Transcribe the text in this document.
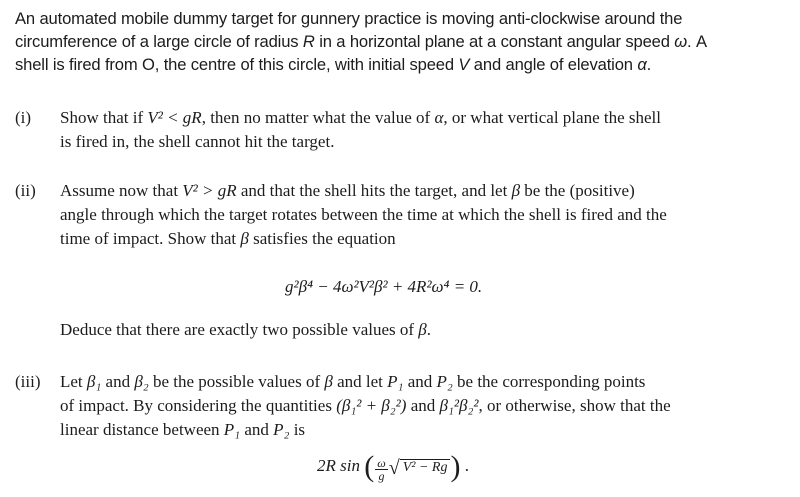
An automated mobile dummy target for gunnery practice is moving anti-clockwise around the
circumference of a large circle of radius R in a horizontal plane at a constant angular speed ω. A
shell is fired from O, the centre of this circle, with initial speed V and angle of elevation α.
(i) Show that if V² < gR, then no matter what the value of α, or what vertical plane the shell
is fired in, the shell cannot hit the target.
(ii) Assume now that V² > gR and that the shell hits the target, and let β be the (positive)
angle through which the target rotates between the time at which the shell is fired and the
time of impact. Show that β satisfies the equation
g²β⁴ − 4ω²V²β² + 4R²ω⁴ = 0.
Deduce that there are exactly two possible values of β.
(iii) Let β₁ and β₂ be the possible values of β and let P₁ and P₂ be the corresponding points
of impact. By considering the quantities (β₁² + β₂²) and β₁²β₂², or otherwise, show that the
linear distance between P₁ and P₂ is
2R sin ( $\frac{\omega}{g}$ √ V² − Rg ) .
